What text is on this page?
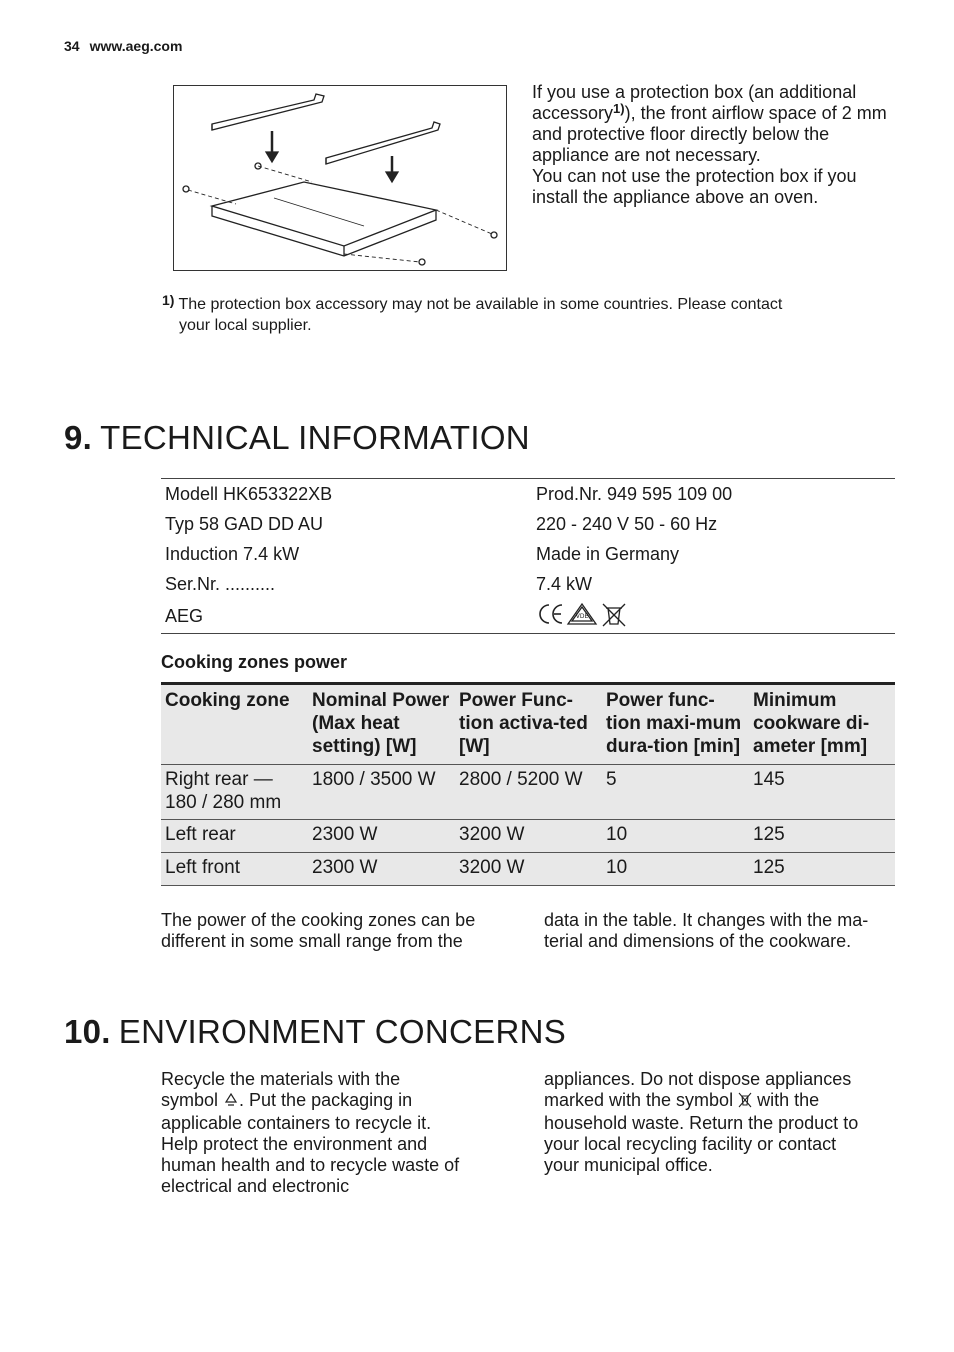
34 www.aeg.com

If you use a protection box (an additional accessory$^{1)}$), the front airflow space of 2 mm and protective floor directly below the appliance are not necessary.

You can not use the protection box if you install the appliance above an oven.

1) The protection box accessory may not be available in some countries. Please contact
your local supplier.
9. TECHNICAL INFORMATION
Modell HK653322XB	Prod.Nr. 949 595 109 00
Typ 58 GAD DD AU	220 - 240 V 50 - 60 Hz
Induction 7.4 kW	Made in Germany
Ser.Nr. ..........	7.4 kW
AEG	VDE
Cooking zones power
Cooking zone	Nominal Power (Max heat setting) [W]	Power Func-tion activa-ted [W]	Power func-tion maxi-mum dura-tion [min]	Minimum cookware di-ameter [mm]
Right rear — 180 / 280 mm	1800 / 3500 W	2800 / 5200 W	5	145
Left rear	2300 W	3200 W	10	125
Left front	2300 W	3200 W	10	125
The power of the cooking zones can be different in some small range from the
data in the table. It changes with the ma-terial and dimensions of the cookware.
10. ENVIRONMENT CONCERNS
Recycle the materials with the symbol . Put the packaging in applicable containers to recycle it. Help protect the environment and human health and to recycle waste of electrical and electronic
appliances. Do not dispose appliances marked with the symbol with the household waste. Return the product to your local recycling facility or contact your municipal office.
